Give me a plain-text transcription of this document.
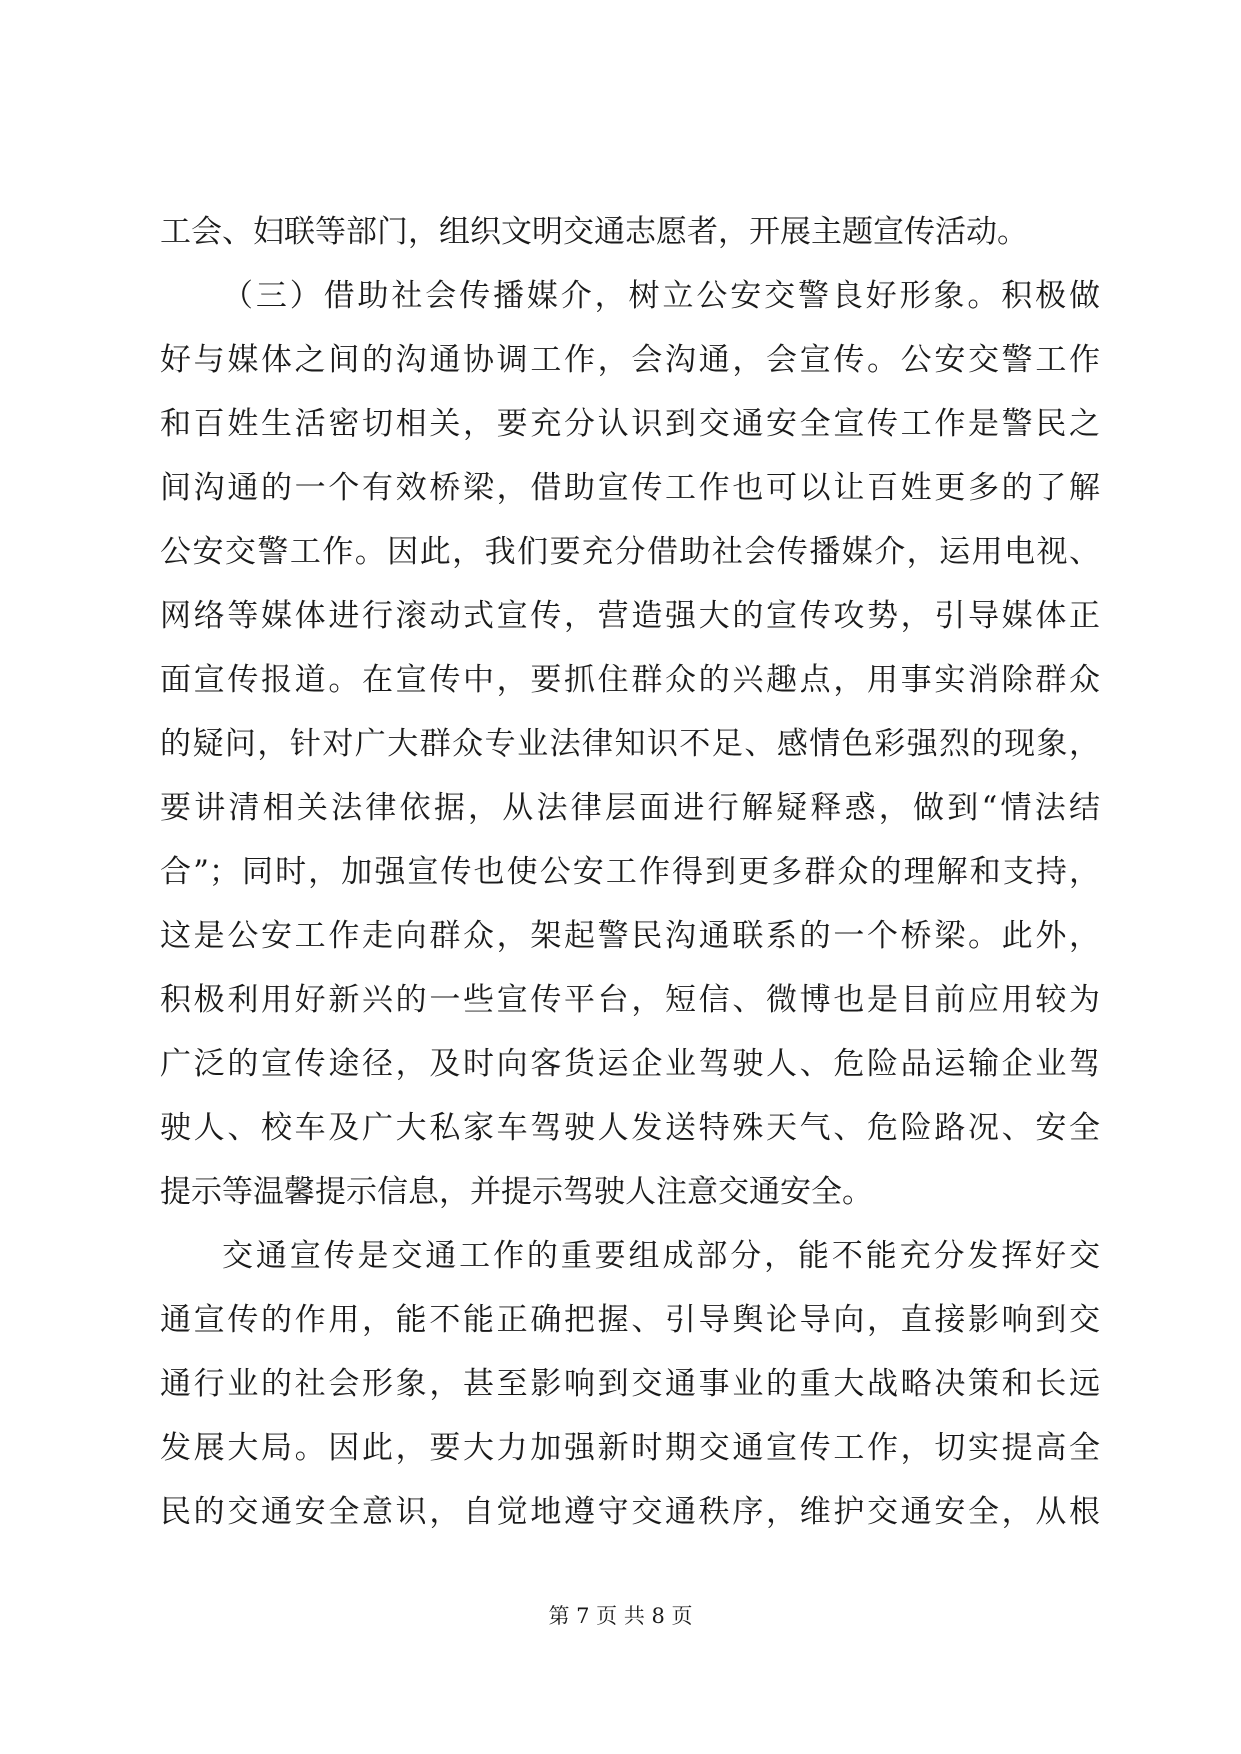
工会、妇联等部门，组织文明交通志愿者，开展主题宣传活动。
（三）借助社会传播媒介，树立公安交警良好形象。积极做
好与媒体之间的沟通协调工作，会沟通，会宣传。公安交警工作
和百姓生活密切相关，要充分认识到交通安全宣传工作是警民之
间沟通的一个有效桥梁，借助宣传工作也可以让百姓更多的了解
公安交警工作。因此，我们要充分借助社会传播媒介，运用电视、
网络等媒体进行滚动式宣传，营造强大的宣传攻势，引导媒体正
面宣传报道。在宣传中，要抓住群众的兴趣点，用事实消除群众
的疑问，针对广大群众专业法律知识不足、感情色彩强烈的现象，
要讲清相关法律依据，从法律层面进行解疑释惑，做到“情法结
合”；同时，加强宣传也使公安工作得到更多群众的理解和支持，
这是公安工作走向群众，架起警民沟通联系的一个桥梁。此外，
积极利用好新兴的一些宣传平台，短信、微博也是目前应用较为
广泛的宣传途径，及时向客货运企业驾驶人、危险品运输企业驾
驶人、校车及广大私家车驾驶人发送特殊天气、危险路况、安全
提示等温馨提示信息，并提示驾驶人注意交通安全。
交通宣传是交通工作的重要组成部分，能不能充分发挥好交
通宣传的作用，能不能正确把握、引导舆论导向，直接影响到交
通行业的社会形象，甚至影响到交通事业的重大战略决策和长远
发展大局。因此，要大力加强新时期交通宣传工作，切实提高全
民的交通安全意识，自觉地遵守交通秩序，维护交通安全，从根
第 7 页 共 8 页
